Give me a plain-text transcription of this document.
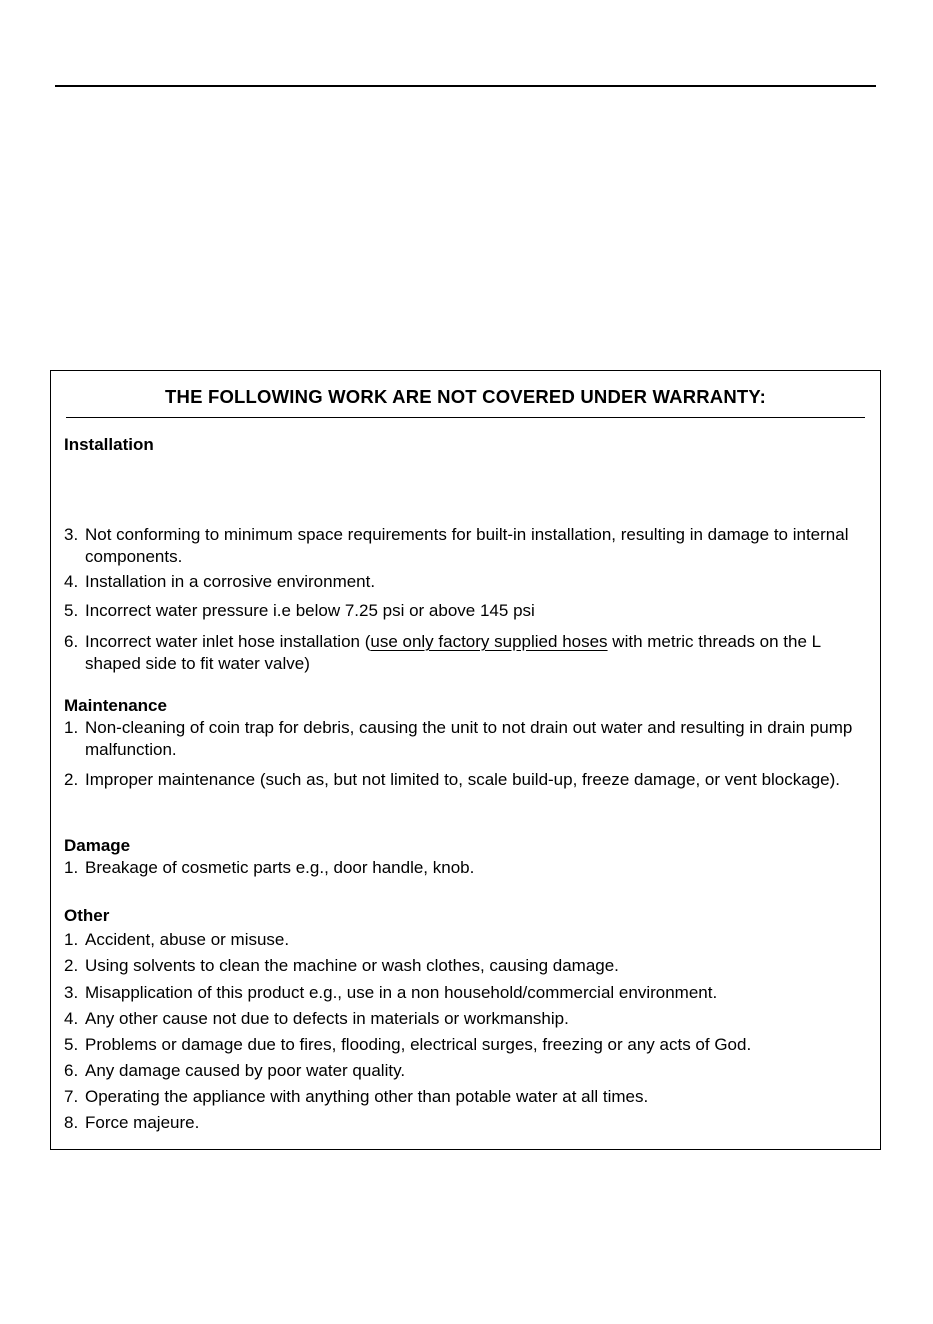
THE FOLLOWING WORK ARE NOT COVERED UNDER WARRANTY:
Installation
3. Not conforming to minimum space requirements for built-in installation, resulting in damage to internal components.
4. Installation in a corrosive environment.
5. Incorrect water pressure i.e below 7.25 psi or above 145 psi
6. Incorrect water inlet hose installation (use only factory supplied hoses with metric threads on the L shaped side to fit water valve)
Maintenance
1. Non-cleaning of coin trap for debris, causing the unit to not drain out water and resulting in drain pump malfunction.
2. Improper maintenance (such as, but not limited to, scale build-up, freeze damage, or vent blockage).
Damage
1. Breakage of cosmetic parts e.g., door handle, knob.
Other
1. Accident, abuse or misuse.
2. Using solvents to clean the machine or wash clothes, causing damage.
3. Misapplication of this product e.g., use in a non household/commercial environment.
4. Any other cause not due to defects in materials or workmanship.
5. Problems or damage due to fires, flooding, electrical surges, freezing or any acts of God.
6. Any damage caused by poor water quality.
7. Operating the appliance with anything other than potable water at all times.
8. Force majeure.
